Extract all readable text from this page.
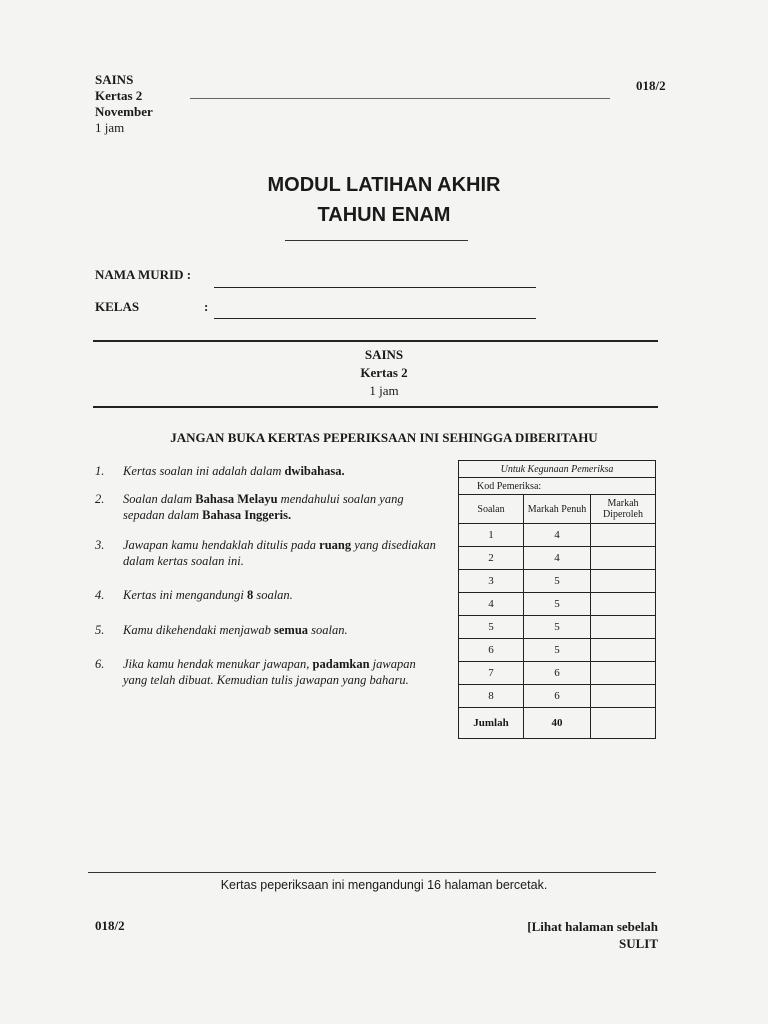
SAINS
Kertas 2
November
1 jam
018/2
MODUL LATIHAN AKHIR
TAHUN ENAM
NAMA MURID :
KELAS	:
SAINS
Kertas 2
1 jam
JANGAN BUKA KERTAS PEPERIKSAAN INI SEHINGGA DIBERITAHU
1. Kertas soalan ini adalah dalam dwibahasa.
2. Soalan dalam Bahasa Melayu mendahului soalan yang sepadan dalam Bahasa Inggeris.
3. Jawapan kamu hendaklah ditulis pada ruang yang disediakan dalam kertas soalan ini.
4. Kertas ini mengandungi 8 soalan.
5. Kamu dikehendaki menjawab semua soalan.
6. Jika kamu hendak menukar jawapan, padamkan jawapan yang telah dibuat. Kemudian tulis jawapan yang baharu.
Untuk Kegunaan Pemeriksa		
Kod Pemeriksa:		
Soalan	Markah Penuh	Markah Diperoleh
1	4	
2	4	
3	5	
4	5	
5	5	
6	5	
7	6	
8	6	
Jumlah	40	
Kertas peperiksaan ini mengandungi 16 halaman bercetak.
018/2	[Lihat halaman sebelah
SULIT
